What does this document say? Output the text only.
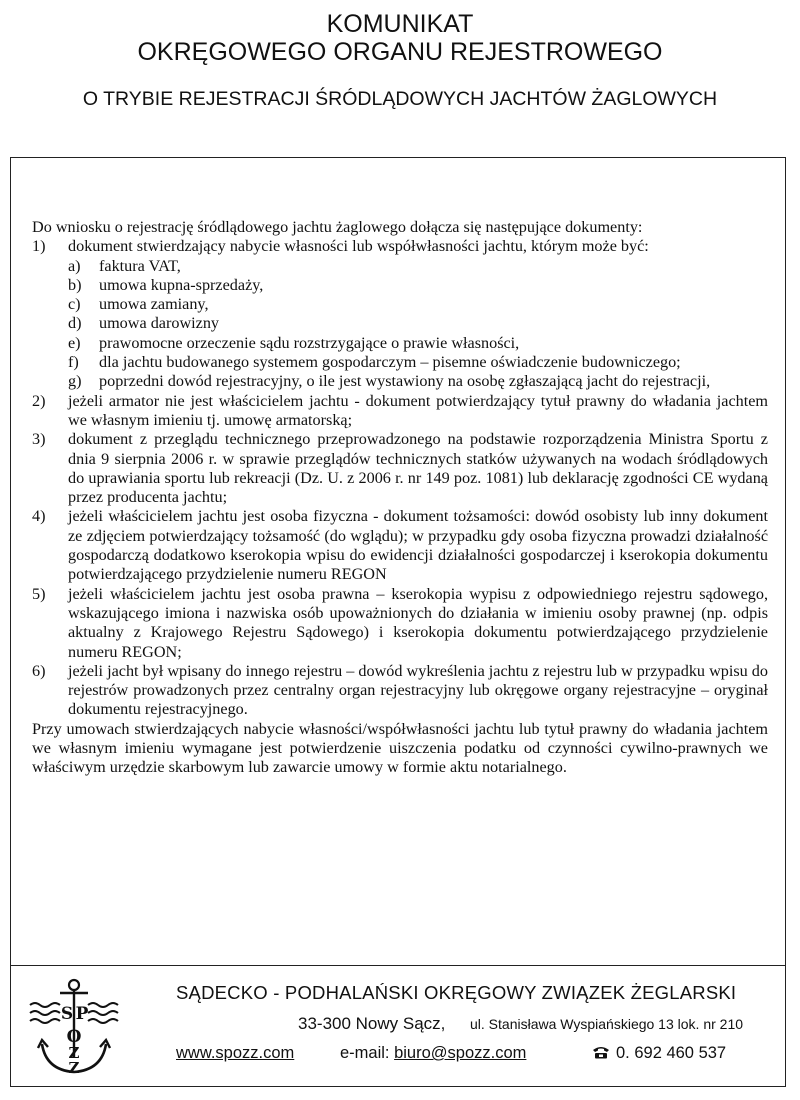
KOMUNIKAT
OKRĘGOWEGO ORGANU REJESTROWEGO
O TRYBIE REJESTRACJI ŚRÓDLĄDOWYCH JACHTÓW ŻAGLOWYCH

Do wniosku o rejestrację śródlądowego jachtu żaglowego dołącza się następujące dokumenty:

1) dokument stwierdzający nabycie własności lub współwłasności jachtu, którym może być:
a) faktura VAT,
b) umowa kupna-sprzedaży,
c) umowa zamiany,
d) umowa darowizny
e) prawomocne orzeczenie sądu rozstrzygające o prawie własności,
f) dla jachtu budowanego systemem gospodarczym – pisemne oświadczenie budowniczego;
g) poprzedni dowód rejestracyjny, o ile jest wystawiony na osobę zgłaszającą jacht do rejestracji,
2) jeżeli armator nie jest właścicielem jachtu - dokument potwierdzający tytuł prawny do władania jachtem we własnym imieniu tj. umowę armatorską;
3) dokument z przeglądu technicznego przeprowadzonego na podstawie rozporządzenia Ministra Sportu z dnia 9 sierpnia 2006 r. w sprawie przeglądów technicznych statków używanych na wodach śródlądowych do uprawiania sportu lub rekreacji (Dz. U. z 2006 r. nr 149 poz. 1081) lub deklarację zgodności CE wydaną przez producenta jachtu;
4) jeżeli właścicielem jachtu jest osoba fizyczna - dokument tożsamości: dowód osobisty lub inny dokument ze zdjęciem potwierdzający tożsamość (do wglądu); w przypadku gdy osoba fizyczna prowadzi działalność gospodarczą dodatkowo kserokopia wpisu do ewidencji działalności gospodarczej i kserokopia dokumentu potwierdzającego przydzielenie numeru REGON
5) jeżeli właścicielem jachtu jest osoba prawna – kserokopia wypisu z odpowiedniego rejestru sądowego, wskazującego imiona i nazwiska osób upoważnionych do działania w imieniu osoby prawnej (np. odpis aktualny z Krajowego Rejestru Sądowego) i kserokopia dokumentu potwierdzającego przydzielenie numeru REGON;
6) jeżeli jacht był wpisany do innego rejestru – dowód wykreślenia jachtu z rejestru lub w przypadku wpisu do rejestrów prowadzonych przez centralny organ rejestracyjny lub okręgowe organy rejestracyjne – oryginał dokumentu rejestracyjnego.

Przy umowach stwierdzających nabycie własności/współwłasności jachtu lub tytuł prawny do władania jachtem we własnym imieniu wymagane jest potwierdzenie uiszczenia podatku od czynności cywilno-prawnych we właściwym urzędzie skarbowym lub zawarcie umowy w formie aktu notarialnego.

S P
O
Z
Z
SĄDECKO - PODHALAŃSKI OKRĘGOWY ZWIĄZEK ŻEGLARSKI
33-300 Nowy Sącz, ul. Stanisława Wyspiańskiego 13 lok. nr 210
www.spozz.com	e-mail: biuro@spozz.com	0. 692 460 537
